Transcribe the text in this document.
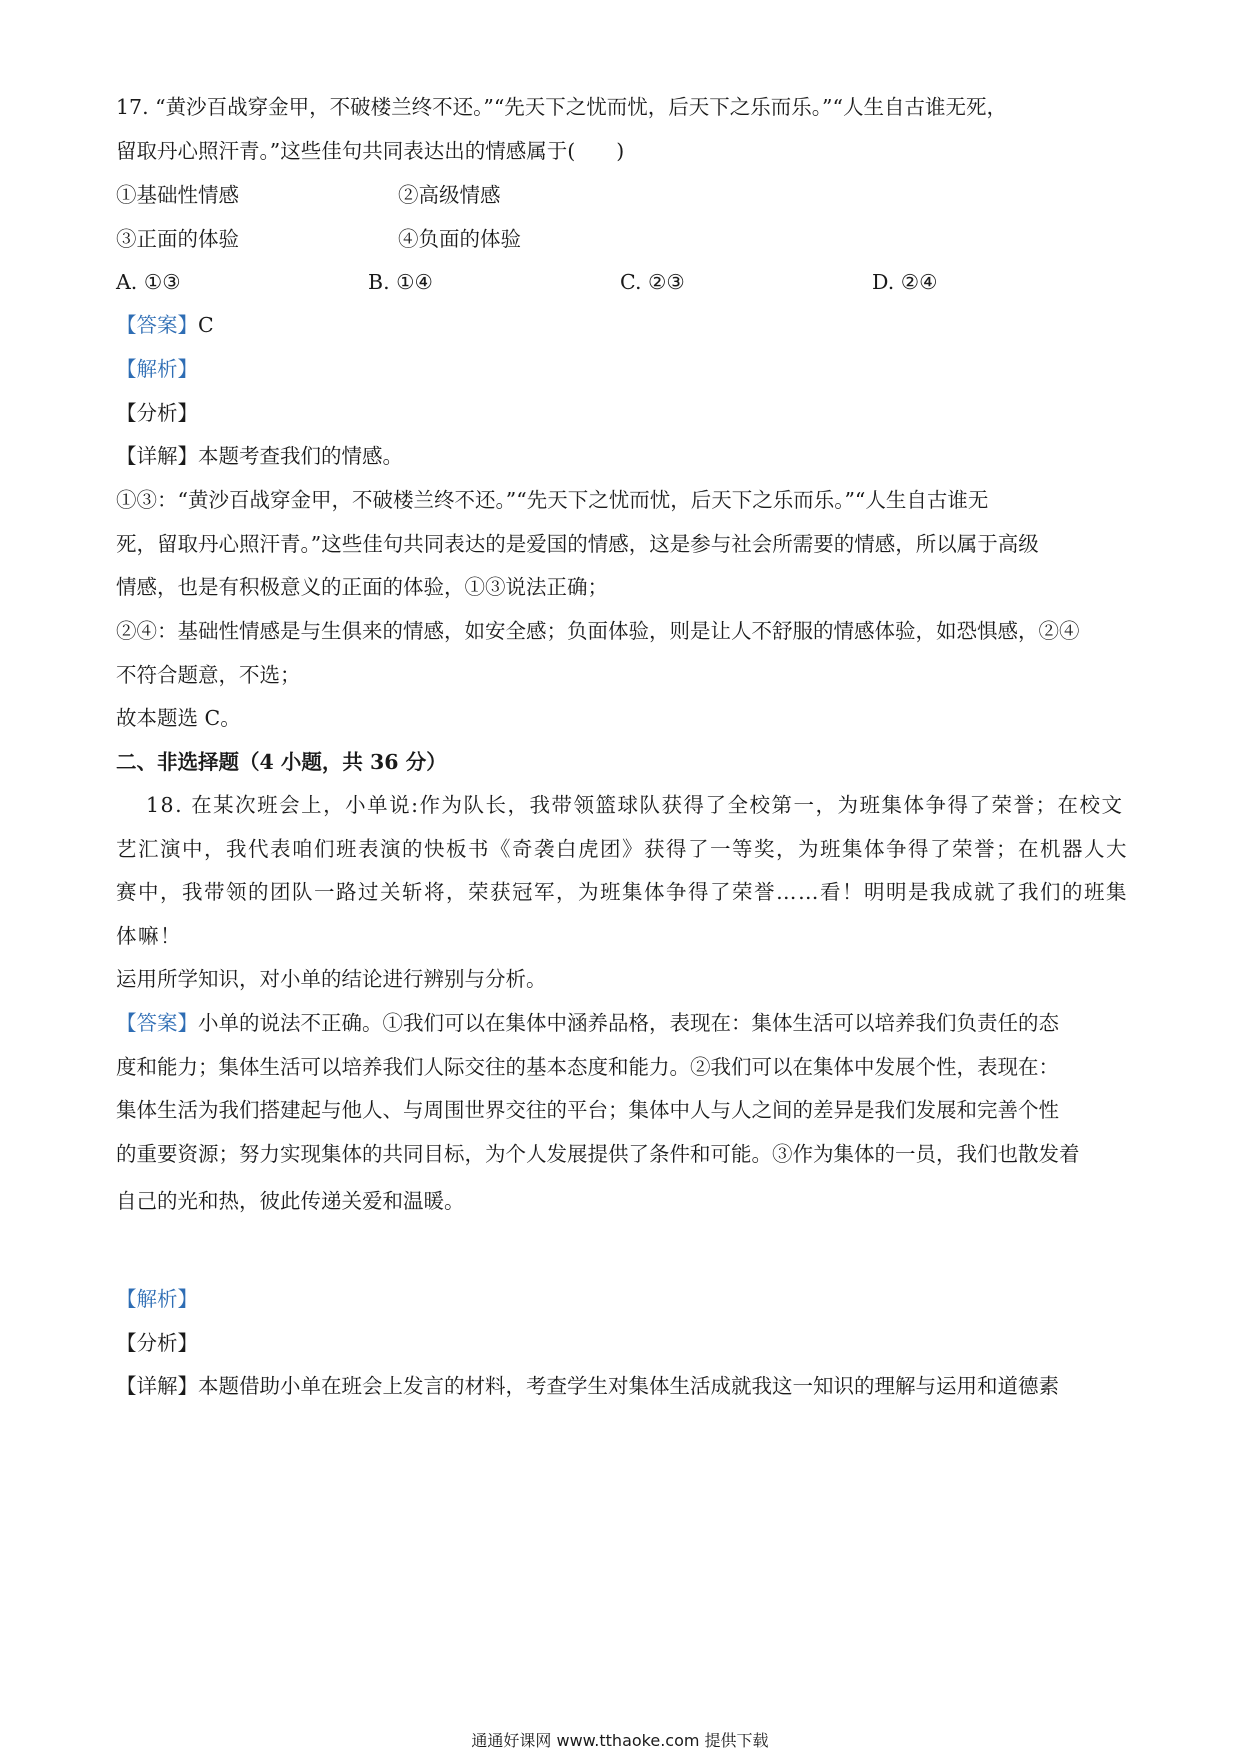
17. “黄沙百战穿金甲，不破楼兰终不还。”“先天下之忧而忧，后天下之乐而乐。”“人生自古谁无死，
留取丹心照汗青。”这些佳句共同表达出的情感属于(　　)
①基础性情感	②高级情感
③正面的体验	④负面的体验
A. ①③	B. ①④	C. ②③	D. ②④
【答案】C
【解析】
【分析】
【详解】本题考查我们的情感。
①③：“黄沙百战穿金甲，不破楼兰终不还。”“先天下之忧而忧，后天下之乐而乐。”“人生自古谁无
死，留取丹心照汗青。”这些佳句共同表达的是爱国的情感，这是参与社会所需要的情感，所以属于高级
情感，也是有积极意义的正面的体验，①③说法正确；
②④：基础性情感是与生俱来的情感，如安全感；负面体验，则是让人不舒服的情感体验，如恐惧感，②④
不符合题意，不选；
故本题选 C。
二、非选择题（4 小题，共 36 分）
18. 在某次班会上，小单说:作为队长，我带领篮球队获得了全校第一，为班集体争得了荣誉；在校文
艺汇演中，我代表咱们班表演的快板书《奇袭白虎团》获得了一等奖，为班集体争得了荣誉；在机器人大
赛中，我带领的团队一路过关斩将，荣获冠军，为班集体争得了荣誉……看！明明是我成就了我们的班集
体嘛！
运用所学知识，对小单的结论进行辨别与分析。
【答案】小单的说法不正确。①我们可以在集体中涵养品格，表现在：集体生活可以培养我们负责任的态
度和能力；集体生活可以培养我们人际交往的基本态度和能力。②我们可以在集体中发展个性，表现在：
集体生活为我们搭建起与他人、与周围世界交往的平台；集体中人与人之间的差异是我们发展和完善个性
的重要资源；努力实现集体的共同目标，为个人发展提供了条件和可能。③作为集体的一员，我们也散发着
自己的光和热，彼此传递关爱和温暖。
【解析】
【分析】
【详解】本题借助小单在班会上发言的材料，考查学生对集体生活成就我这一知识的理解与运用和道德素
通通好课网 www.tthaoke.com 提供下载
